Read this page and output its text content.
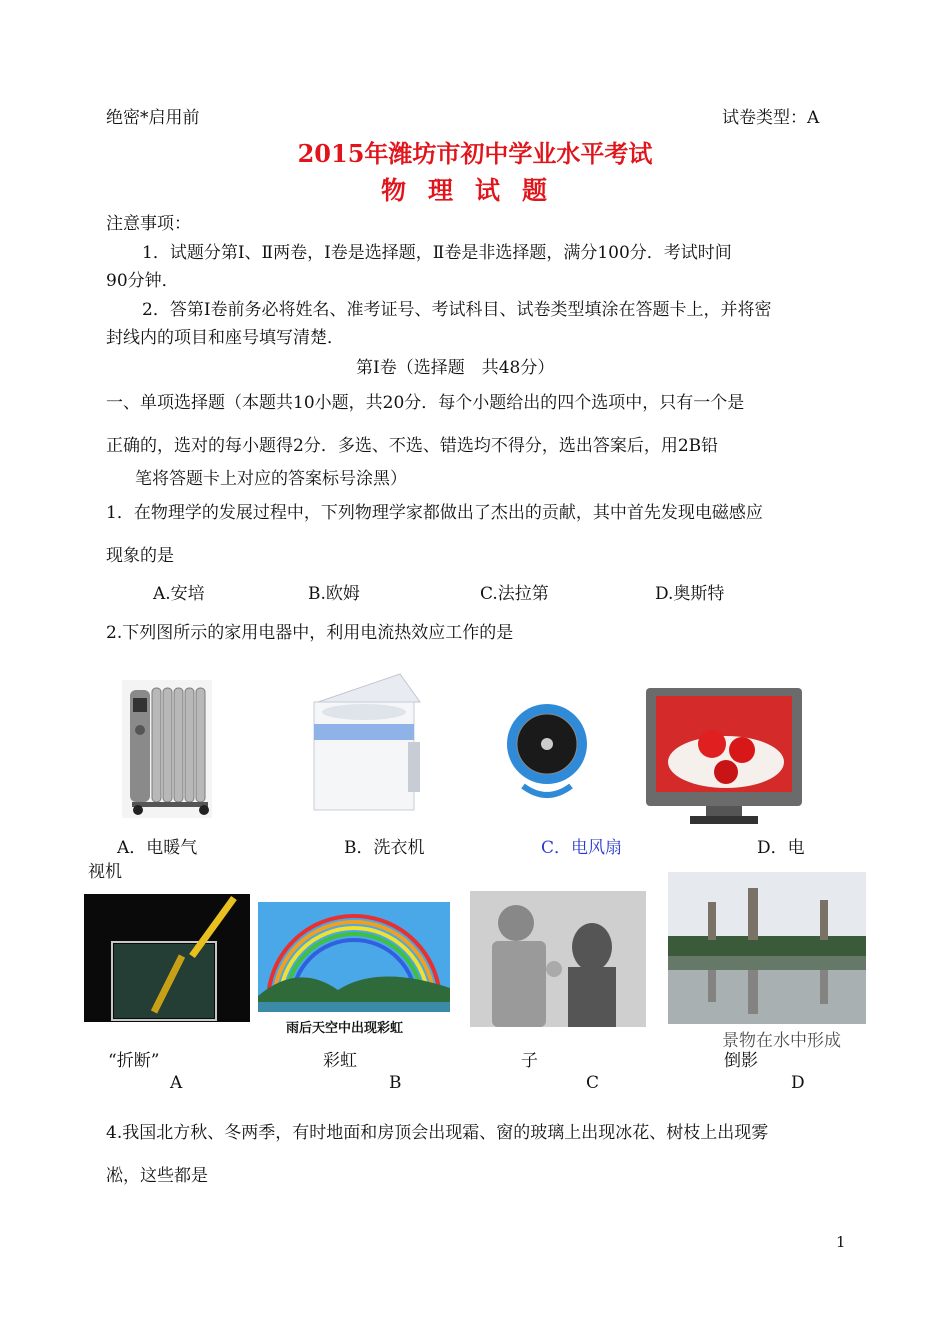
绝密*启用前	试卷类型：A
2015年潍坊市初中学业水平考试
物理试题
注意事项：
1．试题分第Ⅰ、Ⅱ两卷，Ⅰ卷是选择题，Ⅱ卷是非选择题，满分100分．考试时间
90分钟．
2．答第Ⅰ卷前务必将姓名、准考证号、考试科目、试卷类型填涂在答题卡上，并将密
封线内的项目和座号填写清楚．
第Ⅰ卷（选择题　共48分）
一、单项选择题（本题共10小题，共20分．每个小题给出的四个选项中，只有一个是
正确的，选对的每小题得2分．多选、不选、错选均不得分，选出答案后，用2B铅
笔将答题卡上对应的答案标号涂黑）
1．在物理学的发展过程中，下列物理学家都做出了杰出的贡献，其中首先发现电磁感应
现象的是
A.安培	B.欧姆	C.法拉第	D.奥斯特
2.下列图所示的家用电器中，利用电流热效应工作的是
A．电暖气	B．洗衣机	C．电风扇	D．电
视机
雨后天空中出现彩虹
“折断”	彩虹	子
景物在水中形成
倒影
A	B	C	D
4.我国北方秋、冬两季，有时地面和房顶会出现霜、窗的玻璃上出现冰花、树枝上出现雾
凇，这些都是
1
